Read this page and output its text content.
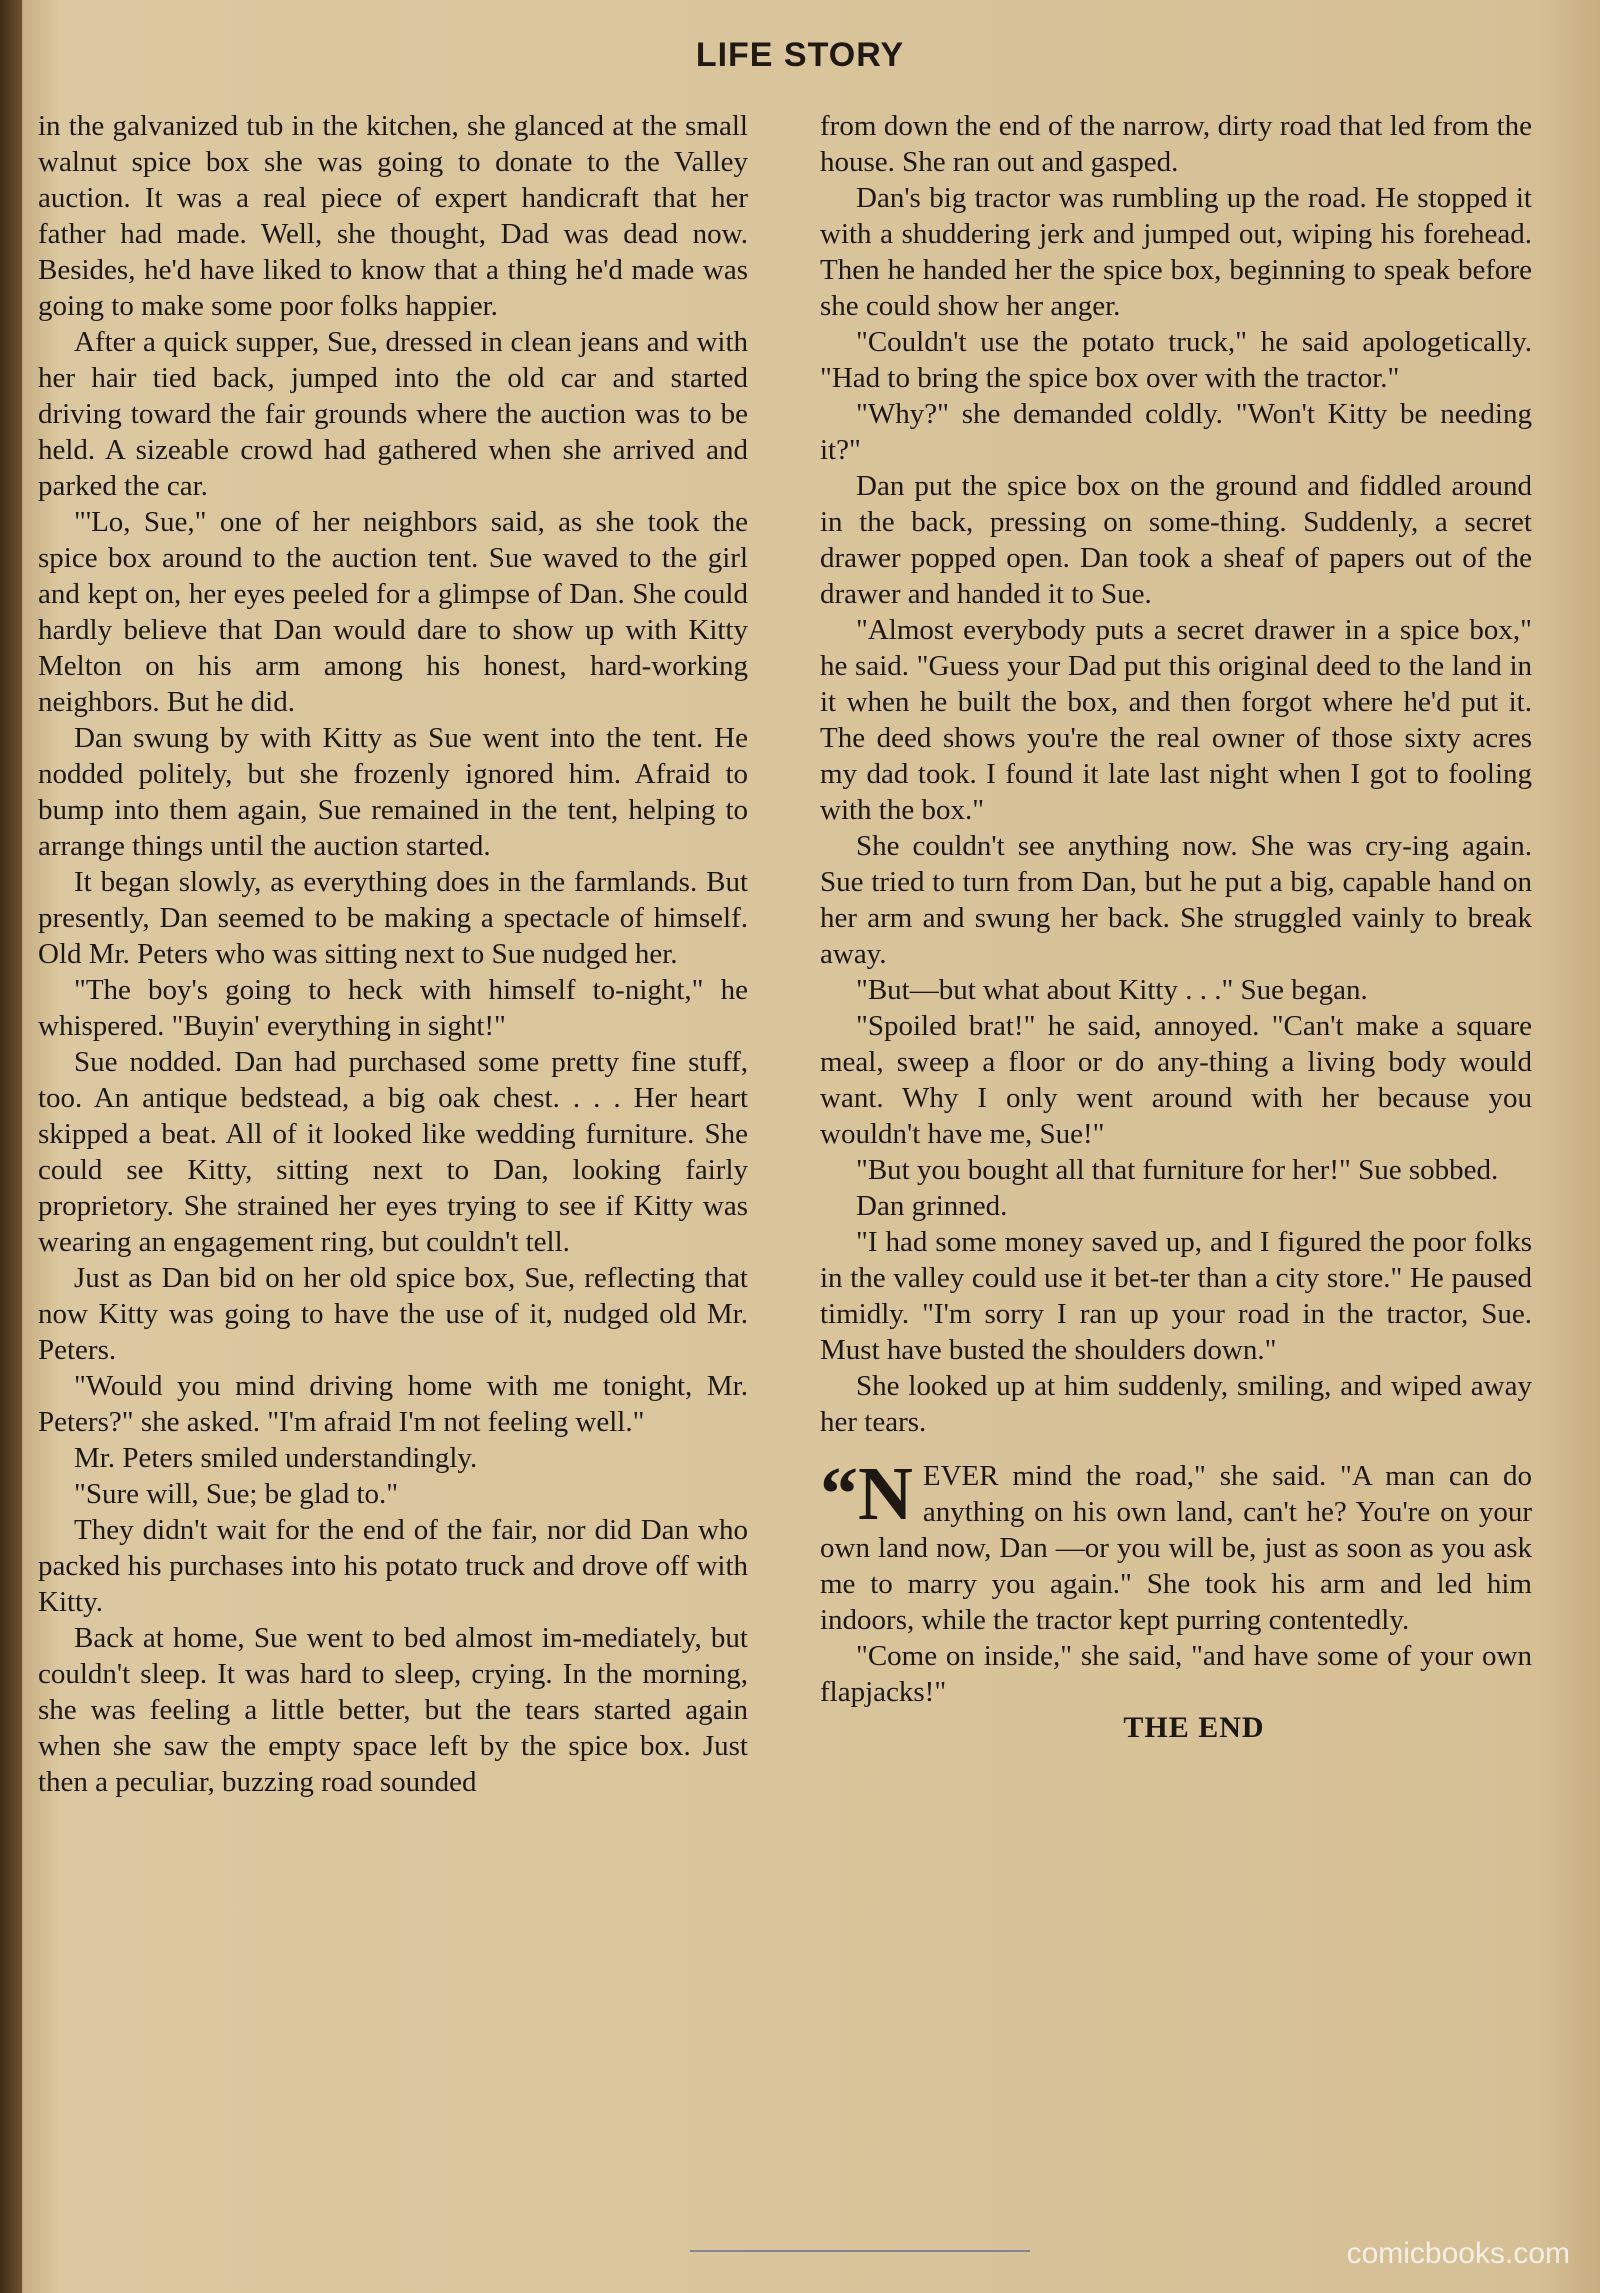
LIFE STORY

in the galvanized tub in the kitchen, she glanced at the small walnut spice box she was going to donate to the Valley auction. It was a real piece of expert handicraft that her father had made. Well, she thought, Dad was dead now. Besides, he'd have liked to know that a thing he'd made was going to make some poor folks happier.

After a quick supper, Sue, dressed in clean jeans and with her hair tied back, jumped into the old car and started driving toward the fair grounds where the auction was to be held. A sizeable crowd had gathered when she arrived and parked the car.

"'Lo, Sue," one of her neighbors said, as she took the spice box around to the auction tent. Sue waved to the girl and kept on, her eyes peeled for a glimpse of Dan. She could hardly believe that Dan would dare to show up with Kitty Melton on his arm among his honest, hard-working neighbors. But he did.

Dan swung by with Kitty as Sue went into the tent. He nodded politely, but she frozenly ignored him. Afraid to bump into them again, Sue remained in the tent, helping to arrange things until the auction started.

It began slowly, as everything does in the farmlands. But presently, Dan seemed to be making a spectacle of himself. Old Mr. Peters who was sitting next to Sue nudged her.

"The boy's going to heck with himself to-night," he whispered. "Buyin' everything in sight!"

Sue nodded. Dan had purchased some pretty fine stuff, too. An antique bedstead, a big oak chest. . . . Her heart skipped a beat. All of it looked like wedding furniture. She could see Kitty, sitting next to Dan, looking fairly proprietory. She strained her eyes trying to see if Kitty was wearing an engagement ring, but couldn't tell.

Just as Dan bid on her old spice box, Sue, reflecting that now Kitty was going to have the use of it, nudged old Mr. Peters.

"Would you mind driving home with me tonight, Mr. Peters?" she asked. "I'm afraid I'm not feeling well."

Mr. Peters smiled understandingly.

"Sure will, Sue; be glad to."

They didn't wait for the end of the fair, nor did Dan who packed his purchases into his potato truck and drove off with Kitty.

Back at home, Sue went to bed almost im-mediately, but couldn't sleep. It was hard to sleep, crying. In the morning, she was feeling a little better, but the tears started again when she saw the empty space left by the spice box. Just then a peculiar, buzzing road sounded

from down the end of the narrow, dirty road that led from the house. She ran out and gasped.

Dan's big tractor was rumbling up the road. He stopped it with a shuddering jerk and jumped out, wiping his forehead. Then he handed her the spice box, beginning to speak before she could show her anger.

"Couldn't use the potato truck," he said apologetically. "Had to bring the spice box over with the tractor."

"Why?" she demanded coldly. "Won't Kitty be needing it?"

Dan put the spice box on the ground and fiddled around in the back, pressing on some-thing. Suddenly, a secret drawer popped open. Dan took a sheaf of papers out of the drawer and handed it to Sue.

"Almost everybody puts a secret drawer in a spice box," he said. "Guess your Dad put this original deed to the land in it when he built the box, and then forgot where he'd put it. The deed shows you're the real owner of those sixty acres my dad took. I found it late last night when I got to fooling with the box."

She couldn't see anything now. She was cry-ing again. Sue tried to turn from Dan, but he put a big, capable hand on her arm and swung her back. She struggled vainly to break away.

"But—but what about Kitty . . ." Sue began.

"Spoiled brat!" he said, annoyed. "Can't make a square meal, sweep a floor or do any-thing a living body would want. Why I only went around with her because you wouldn't have me, Sue!"

"But you bought all that furniture for her!" Sue sobbed.

Dan grinned.

"I had some money saved up, and I figured the poor folks in the valley could use it bet-ter than a city store." He paused timidly. "I'm sorry I ran up your road in the tractor, Sue. Must have busted the shoulders down."

She looked up at him suddenly, smiling, and wiped away her tears.

“N EVER mind the road," she said. "A man can do anything on his own land, can't he? You're on your own land now, Dan —or you will be, just as soon as you ask me to marry you again." She took his arm and led him indoors, while the tractor kept purring contentedly.

"Come on inside," she said, "and have some of your own flapjacks!"

THE END

comicbooks.com
